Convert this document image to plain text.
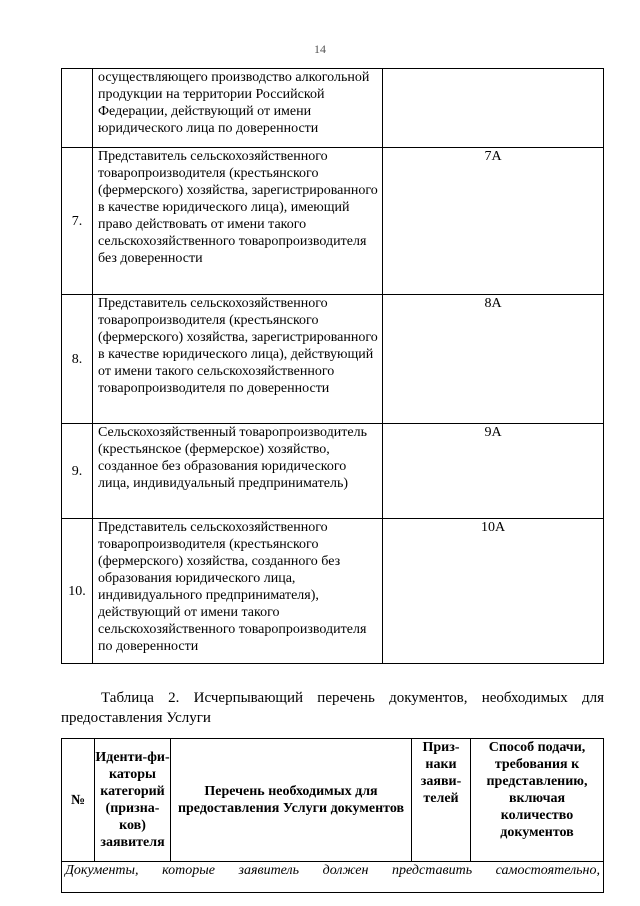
14
	осуществляющего производство алкогольной продукции на территории Российской Федерации, действующий от имени юридического лица по доверенности	
7.	Представитель сельскохозяйственного товаропроизводителя (крестьянского (фермерского) хозяйства, зарегистрированного в качестве юридического лица), имеющий право действовать от имени такого сельскохозяйственного товаропроизводителя без доверенности	7А
8.	Представитель сельскохозяйственного товаропроизводителя (крестьянского (фермерского) хозяйства, зарегистрированного в качестве юридического лица), действующий от имени такого сельскохозяйственного товаропроизводителя по доверенности	8А
9.	Сельскохозяйственный товаропроизводитель (крестьянское (фермерское) хозяйство, созданное без образования юридического лица, индивидуальный предприниматель)	9А
10.	Представитель сельскохозяйственного товаропроизводителя (крестьянского (фермерского) хозяйства, созданного без образования юридического лица, индивидуального предпринимателя), действующий от имени такого сельскохозяйственного товаропроизводителя по доверенности	10А
Таблица 2. Исчерпывающий перечень документов, необходимых для предоставления Услуги
№	Иденти-фи-каторы категорий (призна-ков) заявителя	Перечень необходимых для предоставления Услуги документов	Приз-наки заяви-телей	Способ подачи, требования к представлению, включая количество документов
Документы, которые заявитель должен представить самостоятельно,
